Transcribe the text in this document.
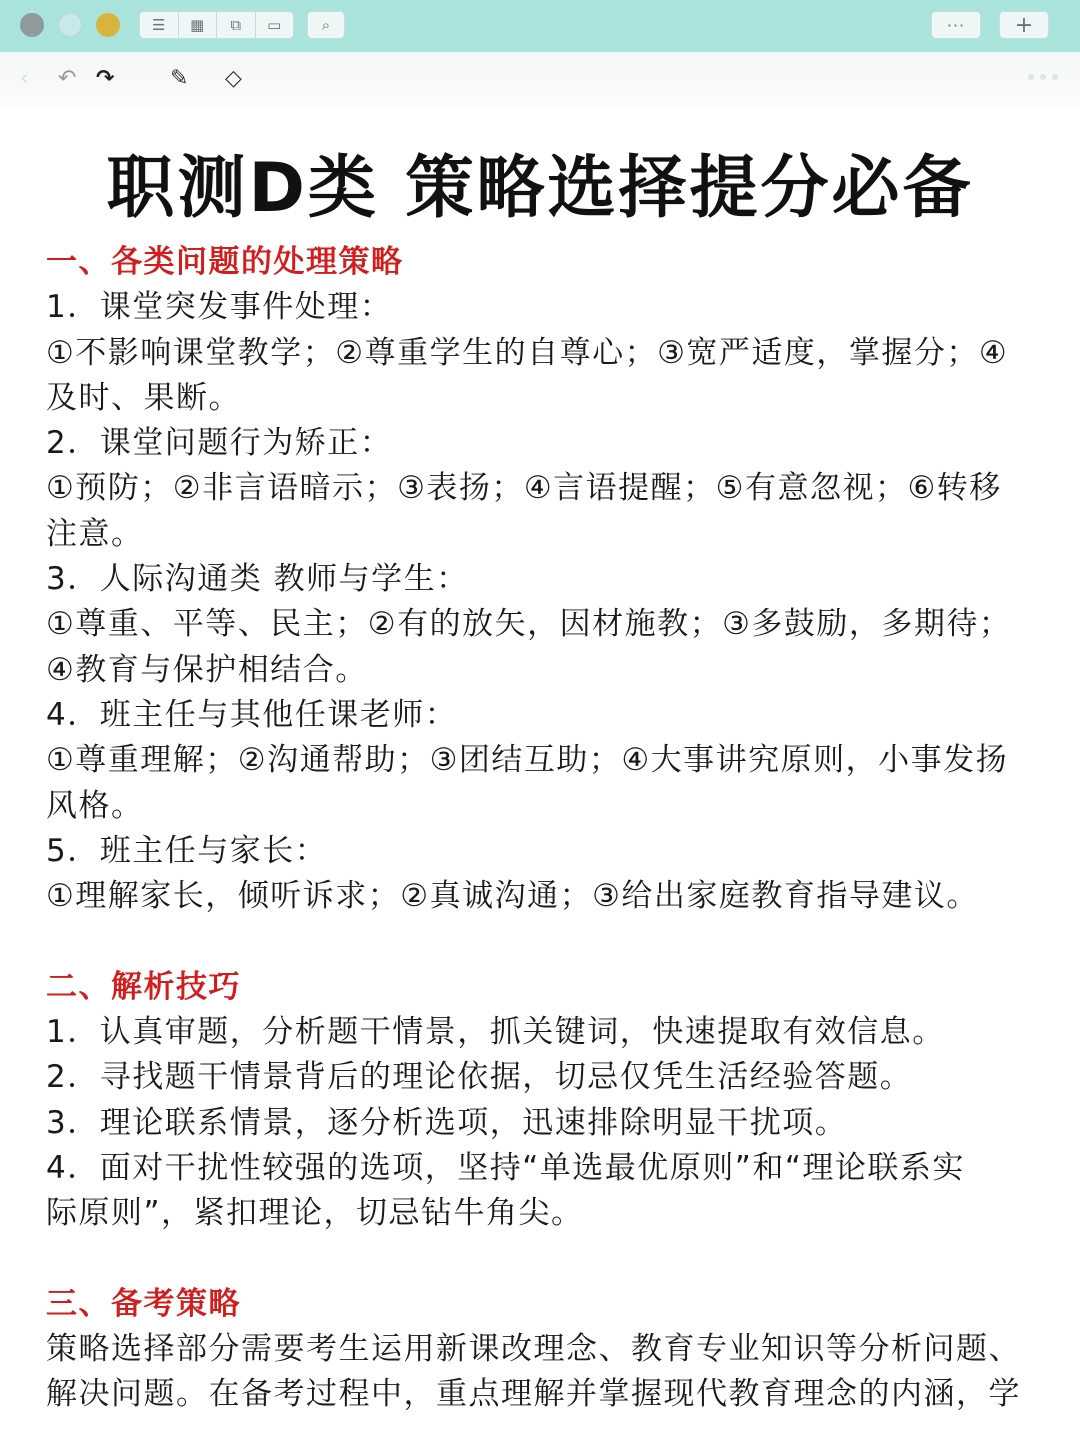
☰	▦	⧉	▭	⌕	···	+
‹ ↶ ↷	✎ ◇
职测D类 策略选择提分必备

一、各类问题的处理策略

1．课堂突发事件处理：

①不影响课堂教学；②尊重学生的自尊心；③宽严适度，掌握分；④

及时、果断。

2．课堂问题行为矫正：

①预防；②非言语暗示；③表扬；④言语提醒；⑤有意忽视；⑥转移

注意。

3．人际沟通类 教师与学生：

①尊重、平等、民主；②有的放矢，因材施教；③多鼓励，多期待；

④教育与保护相结合。

4．班主任与其他任课老师：

①尊重理解；②沟通帮助；③团结互助；④大事讲究原则，小事发扬

风格。

5．班主任与家长：

①理解家长，倾听诉求；②真诚沟通；③给出家庭教育指导建议。

二、解析技巧

1．认真审题，分析题干情景，抓关键词，快速提取有效信息。

2．寻找题干情景背后的理论依据，切忌仅凭生活经验答题。

3．理论联系情景，逐分析选项，迅速排除明显干扰项。

4．面对干扰性较强的选项，坚持“单选最优原则”和“理论联系实

际原则”，紧扣理论，切忌钻牛角尖。

三、备考策略

策略选择部分需要考生运用新课改理念、教育专业知识等分析问题、

解决问题。在备考过程中，重点理解并掌握现代教育理念的内涵，学
